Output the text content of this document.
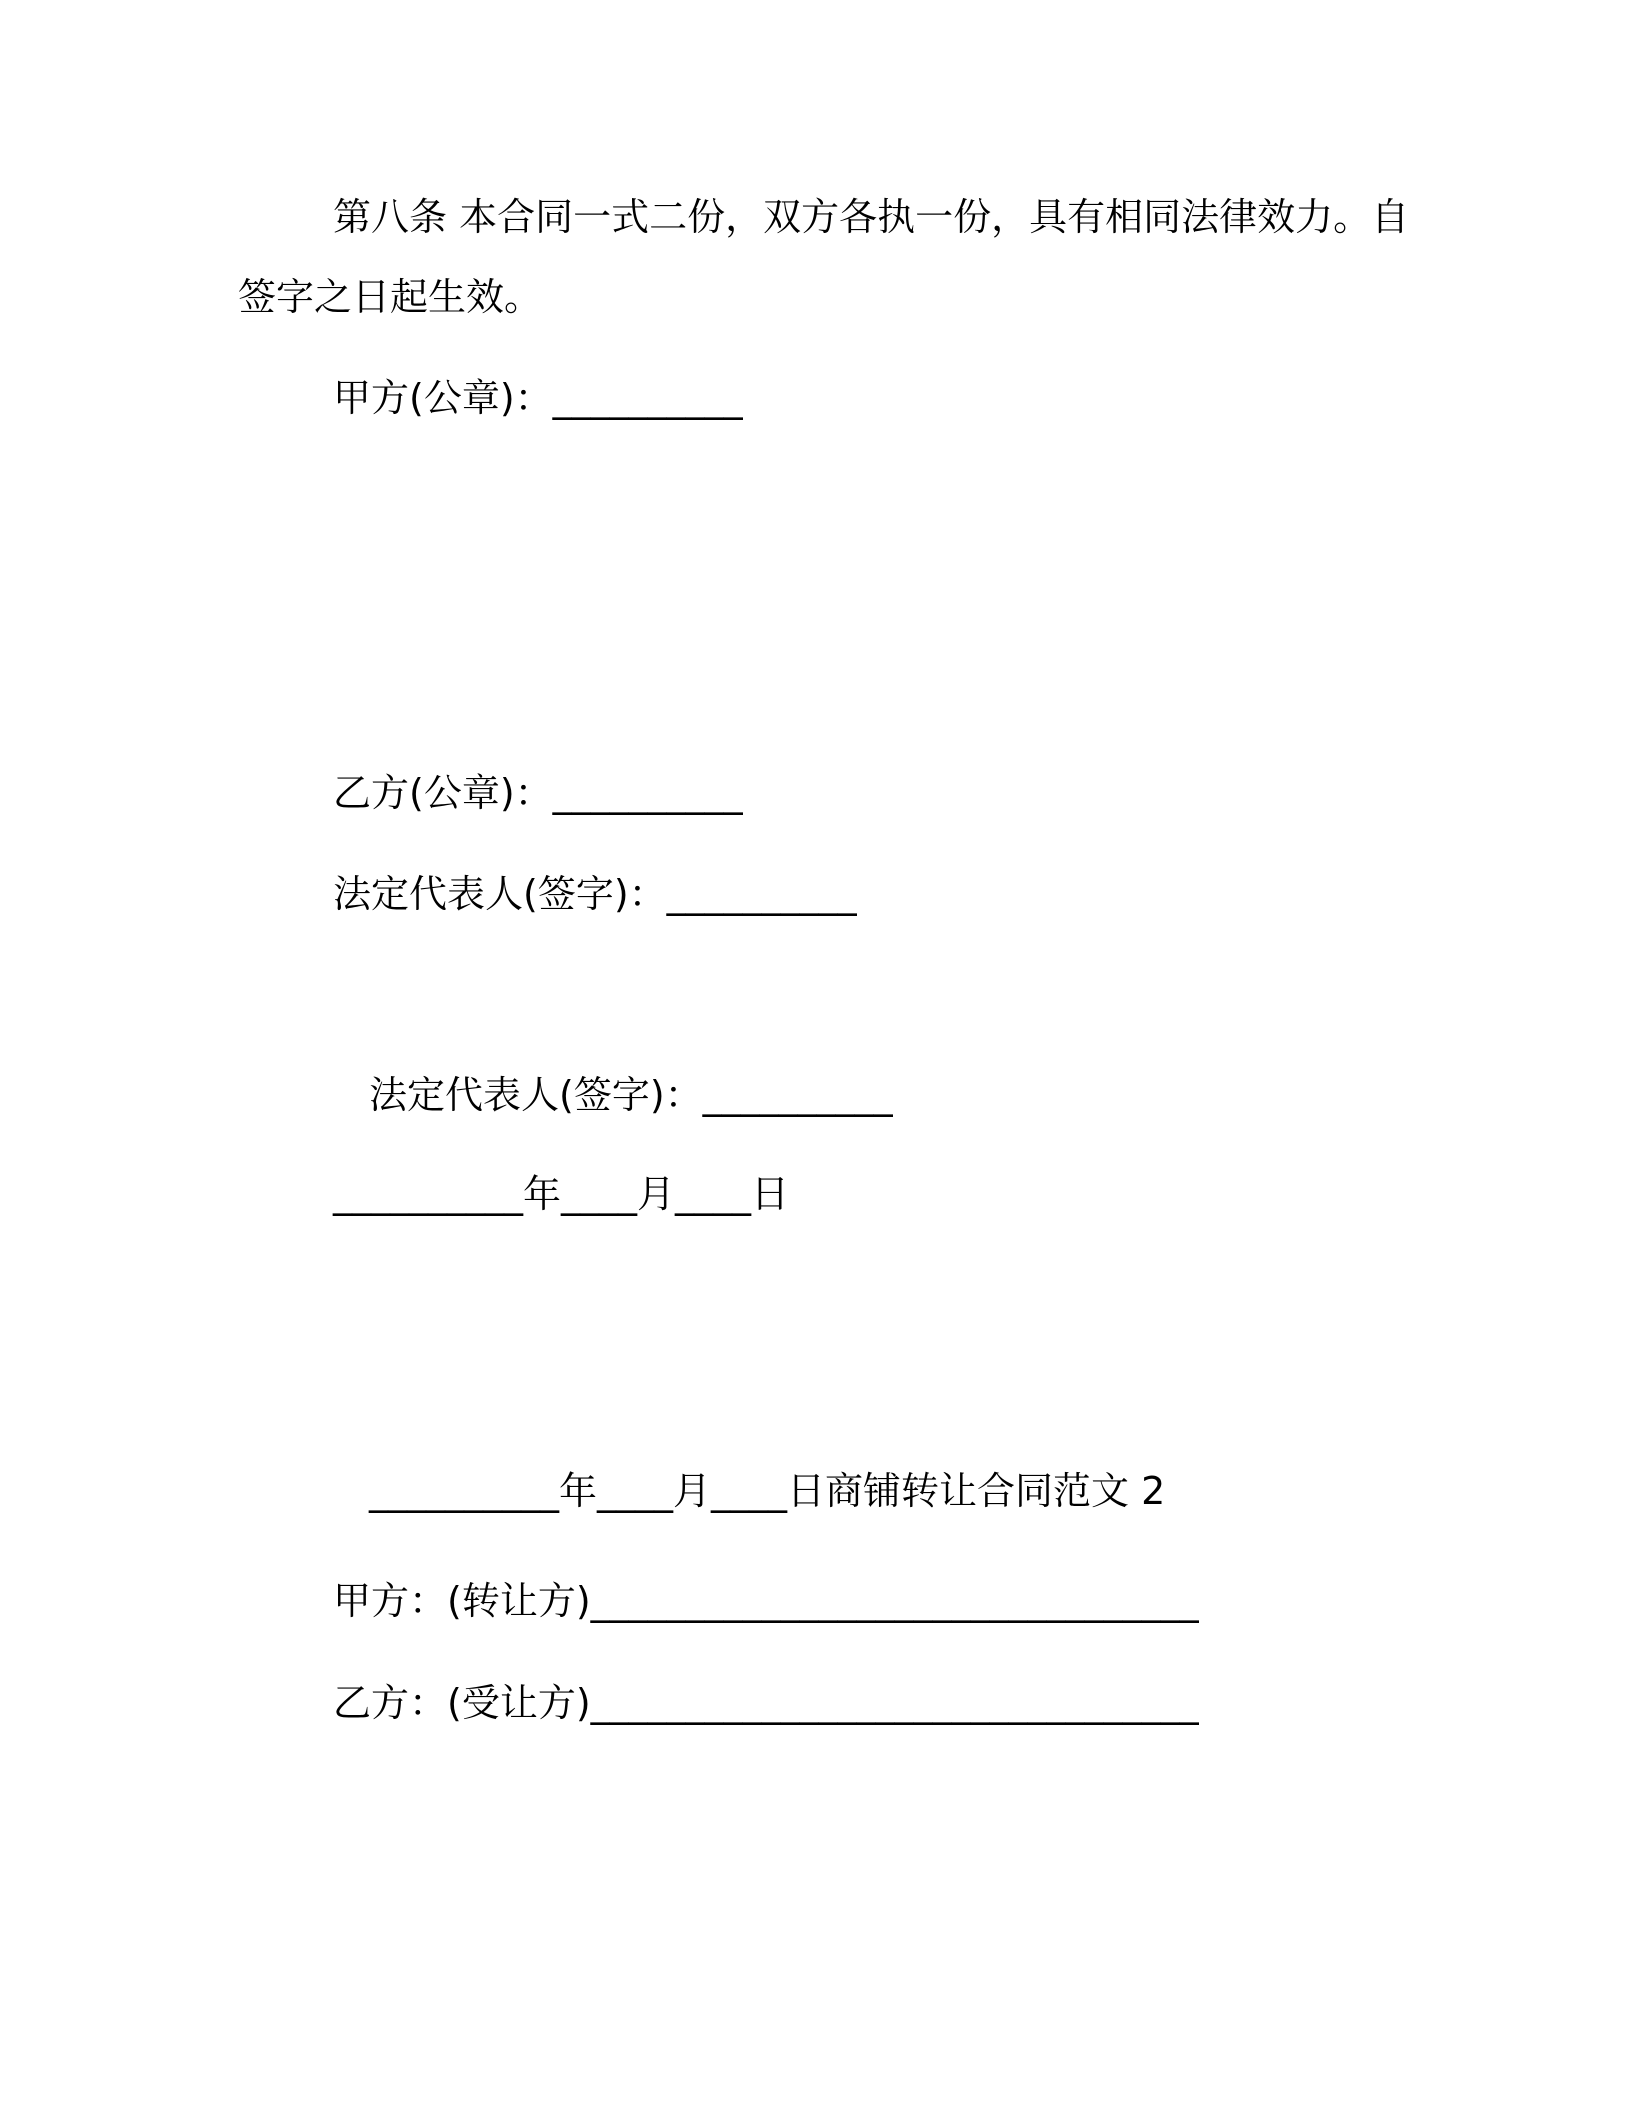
第八条 本合同一式二份，双方各执一份，具有相同法律效力。自
签字之日起生效。
甲方(公章)：__________
乙方(公章)：__________
法定代表人(签字)：__________
法定代表人(签字)：__________
__________年____月____日
__________年____月____日商铺转让合同范文 2
甲方：(转让方)________________________________
乙方：(受让方)________________________________
